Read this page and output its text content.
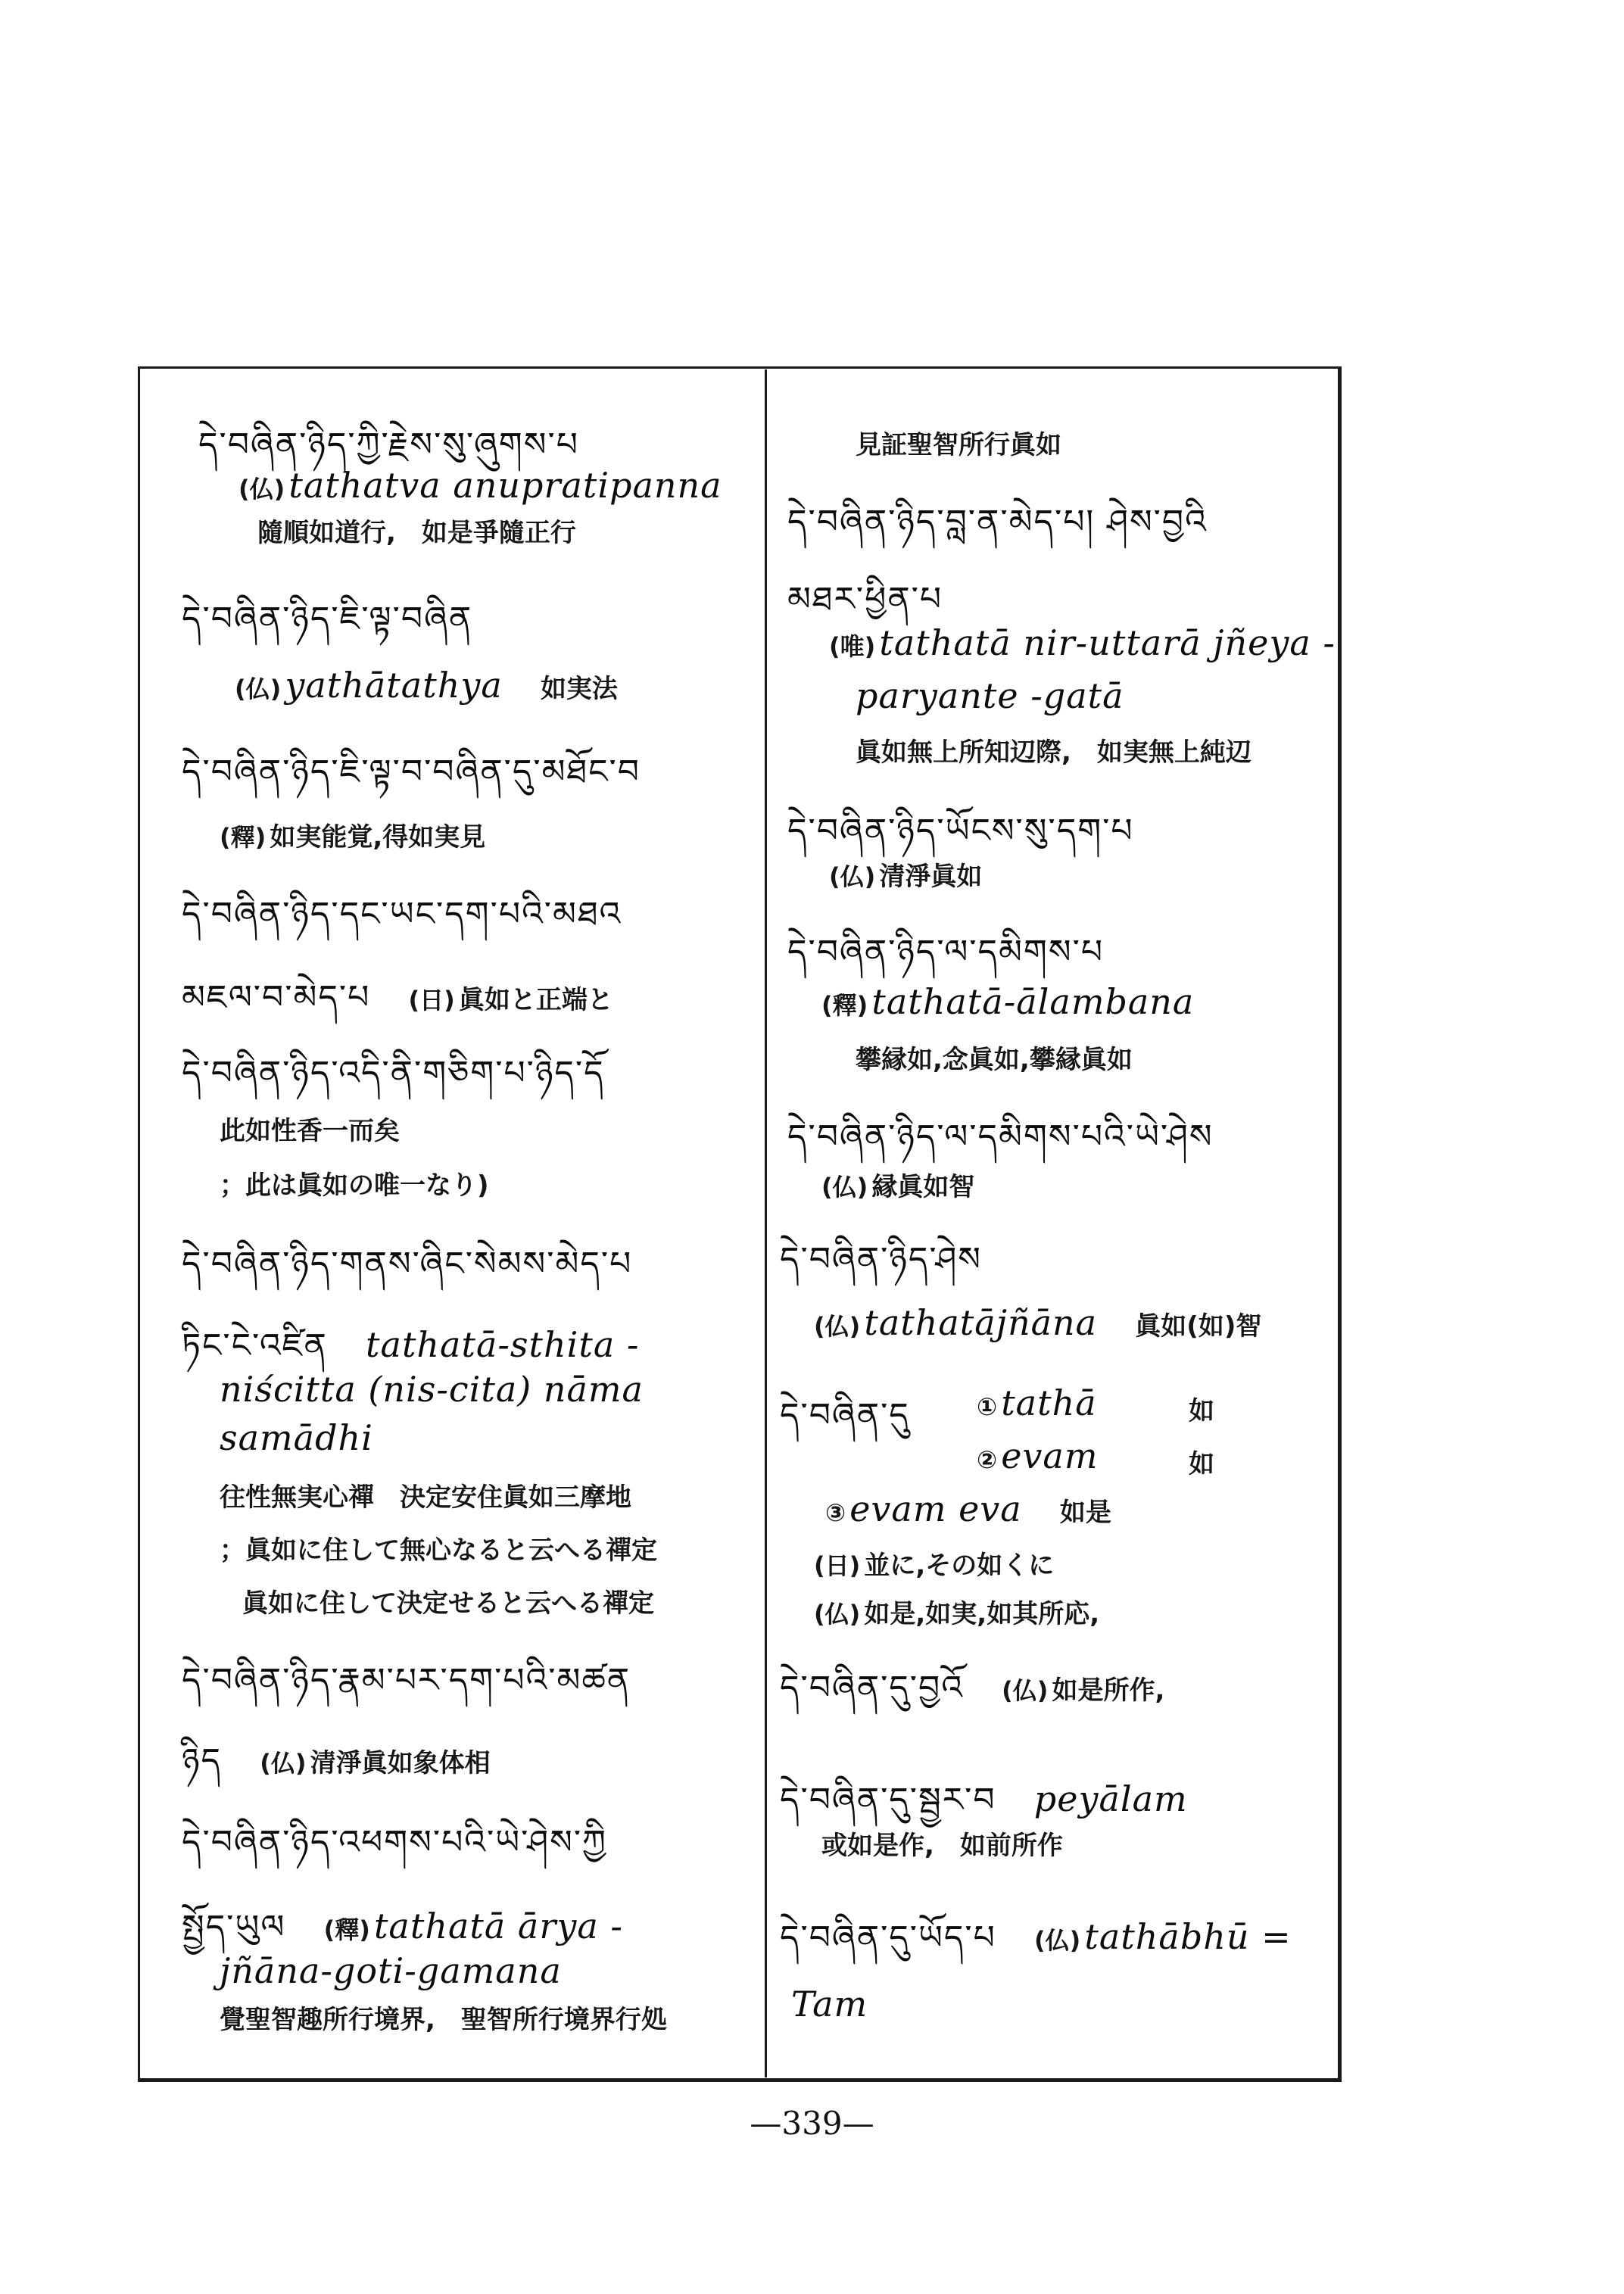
དེ་བཞིན་ཉིད་ཀྱི་རྗེས་སུ་ཞུགས་པ
(仏) tathatva anupratipanna
隨順如道行,　如是爭隨正行
དེ་བཞིན་ཉིད་ཇི་ལྟ་བཞིན
(仏) yathātathya 如実法
དེ་བཞིན་ཉིད་ཇི་ལྟ་བ་བཞིན་དུ་མཐོང་བ
(釋) 如実能覚,得如実見
དེ་བཞིན་ཉིད་དང་ཡང་དག་པའི་མཐའ
མཇལ་བ་མེད་པ (日) 眞如と正端と
དེ་བཞིན་ཉིད་འདི་ནི་གཅིག་པ་ཉིད་དོ
此如性香一而矣
；此は眞如の唯一なり)
དེ་བཞིན་ཉིད་གནས་ཞིང་སེམས་མེད་པ
ཏིང་ངེ་འཛིན tathatā-sthita -
niścitta (nis-cita) nāma
samādhi
往性無実心禪　決定安住眞如三摩地
；眞如に住して無心なると云へる禪定
眞如に住して決定せると云へる禪定
དེ་བཞིན་ཉིད་རྣམ་པར་དག་པའི་མཚན
ཉིད (仏) 清淨眞如象体相
དེ་བཞིན་ཉིད་འཕགས་པའི་ཡེ་ཤེས་ཀྱི
སྤྱོད་ཡུལ (釋) tathatā ārya -
jñāna-goti-gamana
覺聖智趣所行境界,　聖智所行境界行処
見証聖智所行眞如
དེ་བཞིན་ཉིད་བླ་ན་མེད་པ། ཤེས་བྱའི
མཐར་ཕྱིན་པ
(唯) tathatā nir-uttarā jñeya -
paryante -gatā
眞如無上所知辺際,　如実無上純辺
དེ་བཞིན་ཉིད་ཡོངས་སུ་དག་པ
(仏) 清淨眞如
དེ་བཞིན་ཉིད་ལ་དམིགས་པ
(釋) tathatā-ālambana
攀縁如,念眞如,攀縁眞如
དེ་བཞིན་ཉིད་ལ་དམིགས་པའི་ཡེ་ཤེས
(仏) 縁眞如智
དེ་བཞིན་ཉིད་ཤེས
(仏) tathatājñāna 眞如(如)智
དེ་བཞིན་དུ	① tathā	如
② evam	如
③ evam eva 如是
(日) 並に,その如くに
(仏) 如是,如実,如其所応,
དེ་བཞིན་དུ་བྱའོ (仏) 如是所作,
དེ་བཞིན་དུ་སྦྱར་བ peyālam
或如是作,　如前所作
དེ་བཞིན་དུ་ཡོད་པ (仏) tathābhū =
Tam
—339—
